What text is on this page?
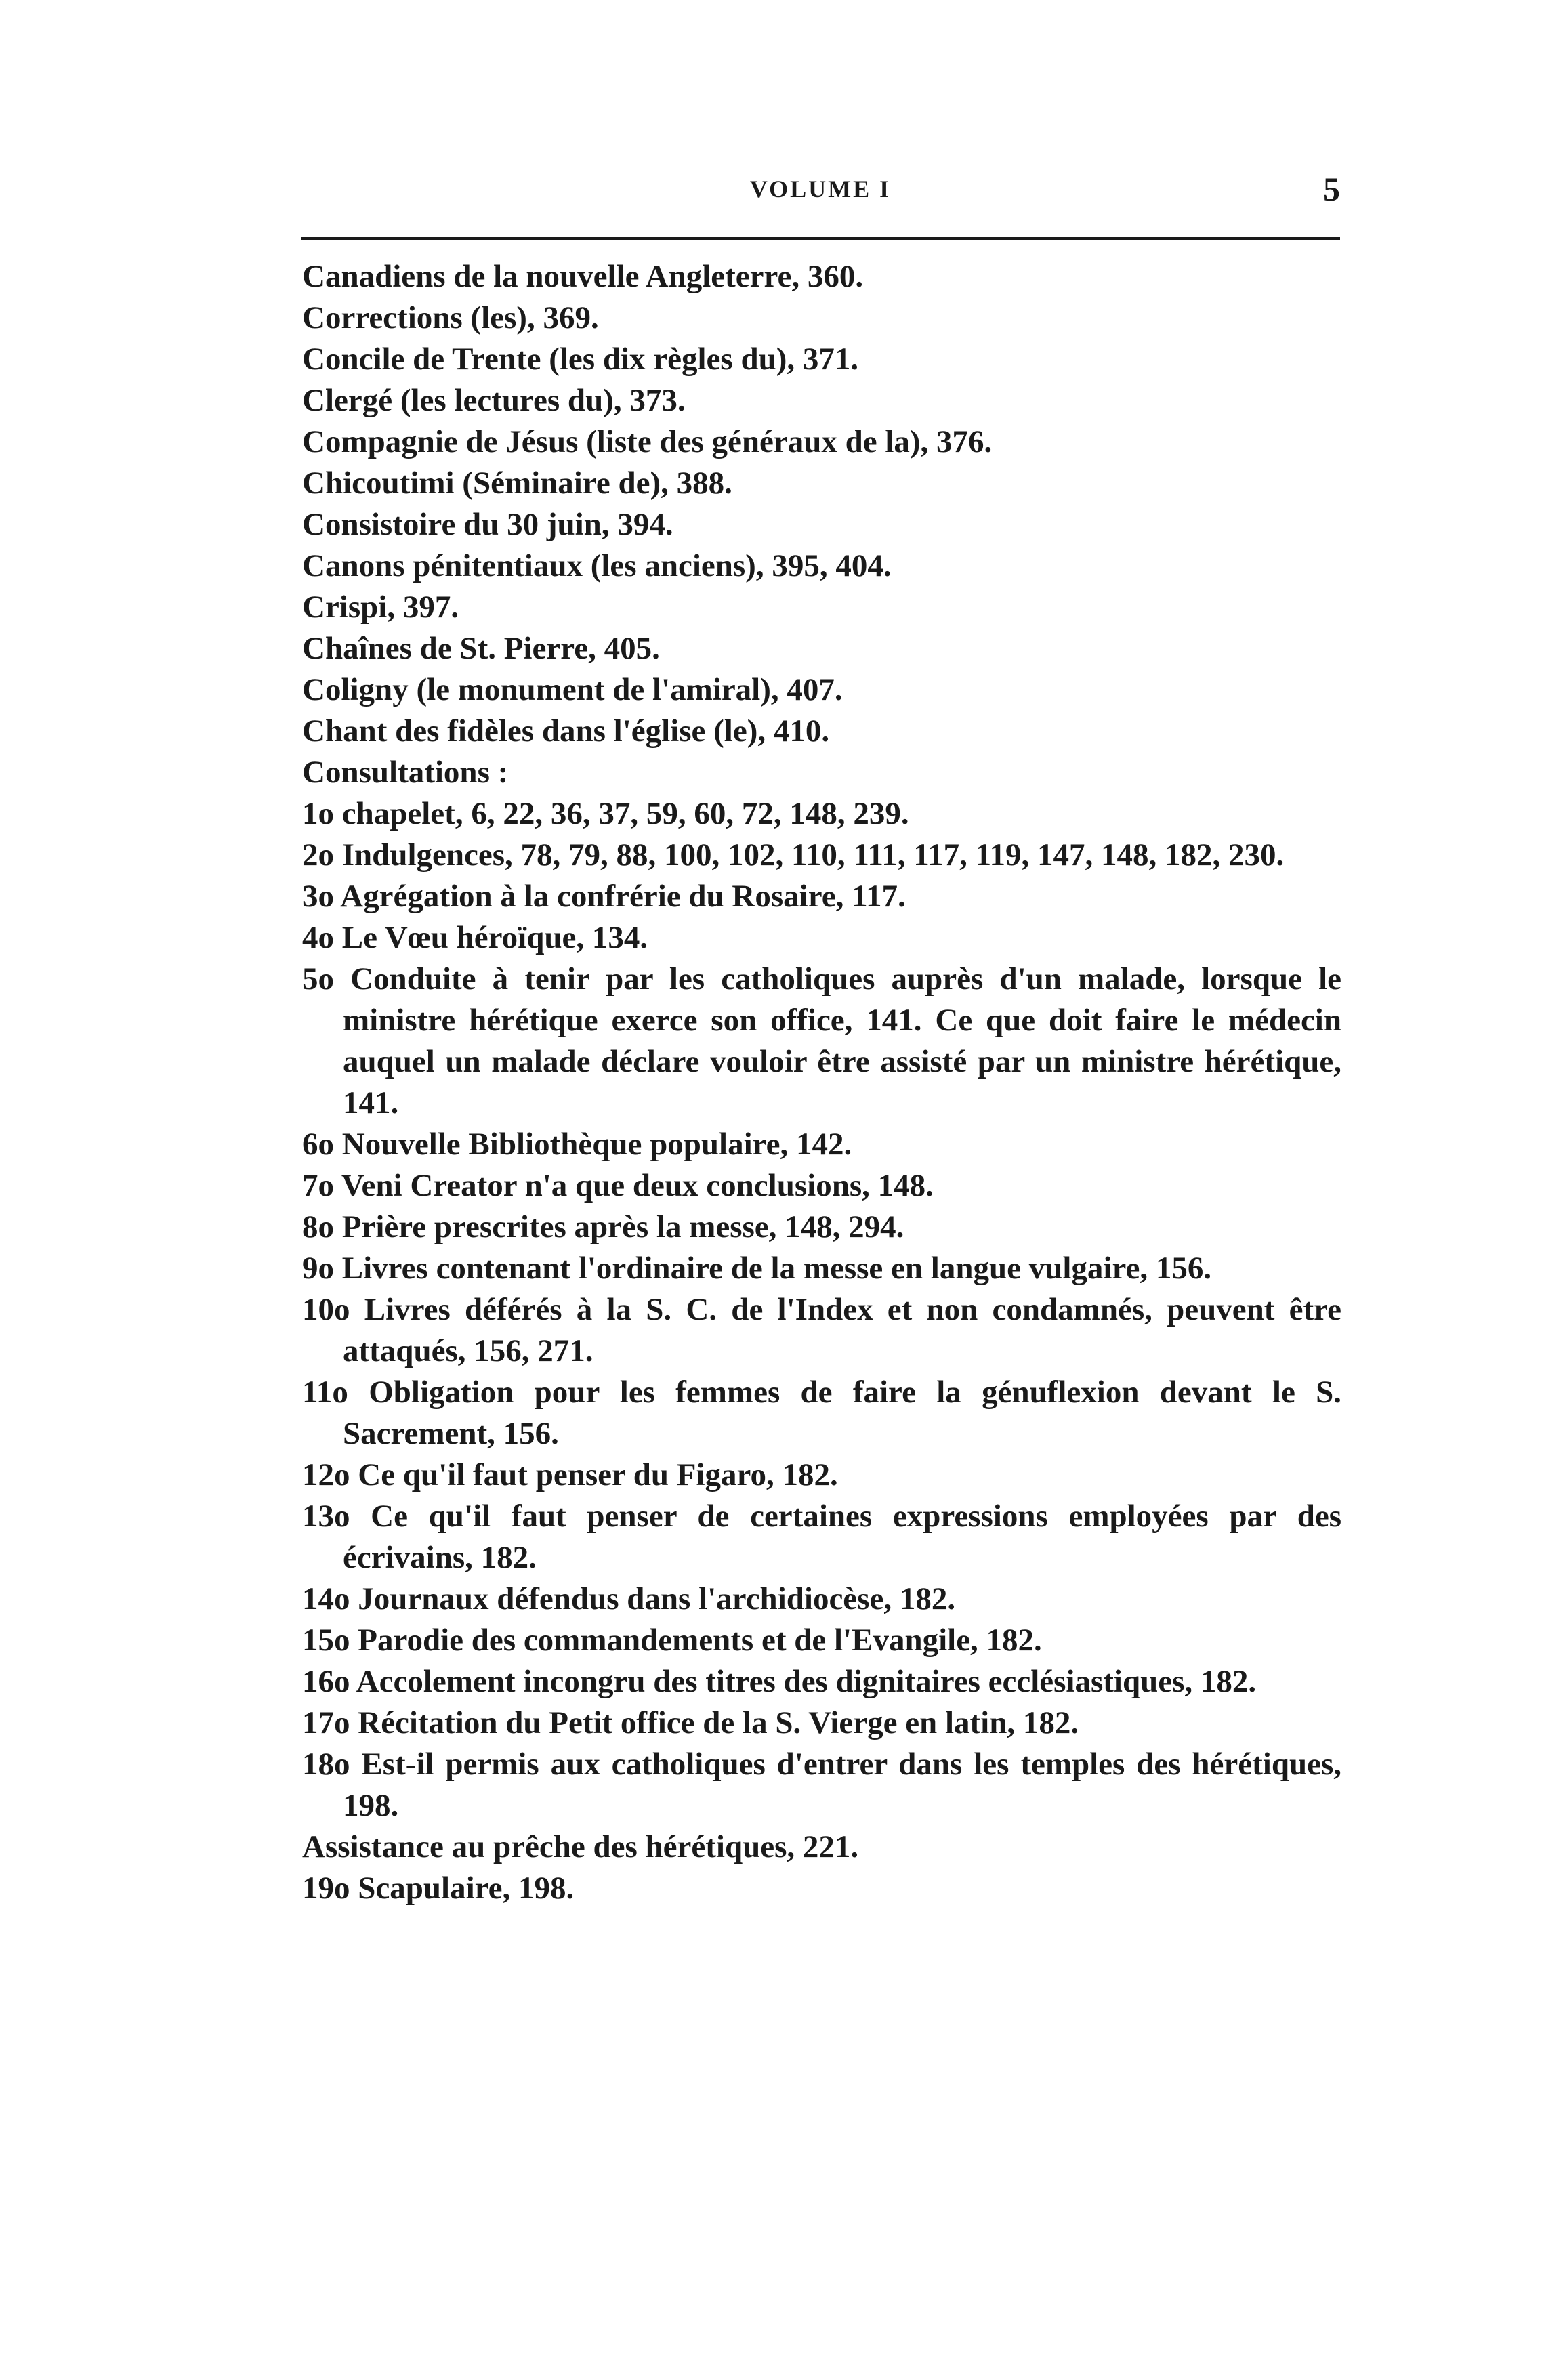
VOLUME I	5
Canadiens de la nouvelle Angleterre, 360.
Corrections (les), 369.
Concile de Trente (les dix règles du), 371.
Clergé (les lectures du), 373.
Compagnie de Jésus (liste des généraux de la), 376.
Chicoutimi (Séminaire de), 388.
Consistoire du 30 juin, 394.
Canons pénitentiaux (les anciens), 395, 404.
Crispi, 397.
Chaînes de St. Pierre, 405.
Coligny (le monument de l'amiral), 407.
Chant des fidèles dans l'église (le), 410.
Consultations :
1o chapelet, 6, 22, 36, 37, 59, 60, 72, 148, 239.
2o Indulgences, 78, 79, 88, 100, 102, 110, 111, 117, 119, 147, 148, 182, 230.
3o Agrégation à la confrérie du Rosaire, 117.
4o Le Vœu héroïque, 134.
5o Conduite à tenir par les catholiques auprès d'un malade, lorsque le ministre hérétique exerce son office, 141. Ce que doit faire le médecin auquel un malade déclare vouloir être assisté par un ministre hérétique, 141.
6o Nouvelle Bibliothèque populaire, 142.
7o Veni Creator n'a que deux conclusions, 148.
8o Prière prescrites après la messe, 148, 294.
9o Livres contenant l'ordinaire de la messe en langue vulgaire, 156.
10o Livres déférés à la S. C. de l'Index et non condamnés, peuvent être attaqués, 156, 271.
11o Obligation pour les femmes de faire la génuflexion devant le S. Sacrement, 156.
12o Ce qu'il faut penser du Figaro, 182.
13o Ce qu'il faut penser de certaines expressions employées par des écrivains, 182.
14o Journaux défendus dans l'archidiocèse, 182.
15o Parodie des commandements et de l'Evangile, 182.
16o Accolement incongru des titres des dignitaires ecclésiastiques, 182.
17o Récitation du Petit office de la S. Vierge en latin, 182.
18o Est-il permis aux catholiques d'entrer dans les temples des hérétiques, 198.
Assistance au prêche des hérétiques, 221.
19o Scapulaire, 198.
